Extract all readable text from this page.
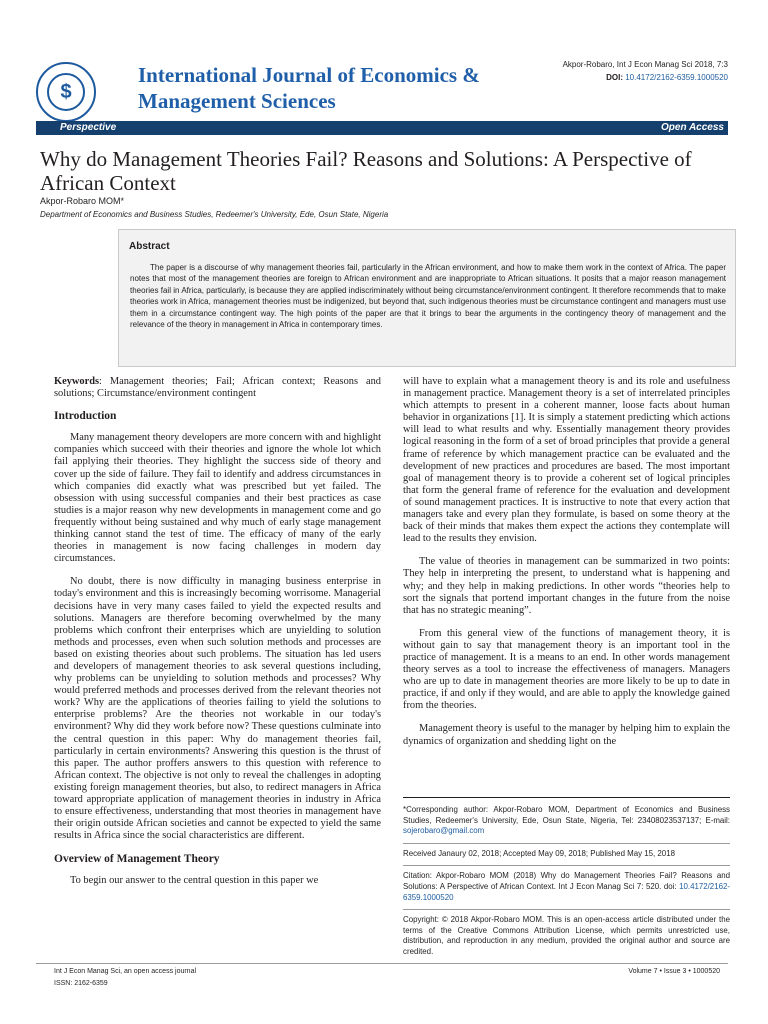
$
International Journal of Economics &
Management Sciences
Akpor-Robaro, Int J Econ Manag Sci 2018, 7:3
DOI: 10.4172/2162-6359.1000520
Perspective	Open Access
Why do Management Theories Fail? Reasons and Solutions: A Perspective of African Context
Akpor-Robaro MOM*
Department of Economics and Business Studies, Redeemer's University, Ede, Osun State, Nigeria
Abstract
The paper is a discourse of why management theories fail, particularly in the African environment, and how to make them work in the context of Africa. The paper notes that most of the management theories are foreign to African environment and are inappropriate to African situations. It posits that a major reason management theories fail in Africa, particularly, is because they are applied indiscriminately without being circumstance/environment contingent. It therefore recommends that to make theories work in Africa, management theories must be indigenized, but beyond that, such indigenous theories must be circumstance contingent and managers must use them in a circumstance contingent way. The high points of the paper are that it brings to bear the arguments in the contingency theory of management and the relevance of the theory in management in Africa in contemporary times.

Keywords: Management theories; Fail; African context; Reasons and solutions; Circumstance/environment contingent

Introduction

Many management theory developers are more concern with and highlight companies which succeed with their theories and ignore the whole lot which fail applying their theories. They highlight the success side of theory and cover up the side of failure. They fail to identify and address circumstances in which companies did exactly what was prescribed but yet failed. The obsession with using successful companies and their best practices as case studies is a major reason why new developments in management come and go frequently without being sustained and why much of early stage management thinking cannot stand the test of time. The efficacy of many of the early theories in management is now facing challenges in modern day circumstances.

No doubt, there is now difficulty in managing business enterprise in today's environment and this is increasingly becoming worrisome. Managerial decisions have in very many cases failed to yield the expected results and solutions. Managers are therefore becoming overwhelmed by the many problems which confront their enterprises which are unyielding to solution methods and processes, even when such solution methods and processes are based on existing theories about such problems. The situation has led users and developers of management theories to ask several questions including, why problems can be unyielding to solution methods and processes? Why would preferred methods and processes derived from the relevant theories not work? Why are the applications of theories failing to yield the solutions to enterprise problems? Are the theories not workable in our today's environment? Why did they work before now? These questions culminate into the central question in this paper: Why do management theories fail, particularly in certain environments? Answering this question is the thrust of this paper. The author proffers answers to this question with reference to African context. The objective is not only to reveal the challenges in adopting existing foreign management theories, but also, to redirect managers in Africa toward appropriate application of management theories in industry in Africa to ensure effectiveness, understanding that most theories in management have their origin outside African societies and cannot be expected to yield the same results in Africa since the social characteristics are different.

Overview of Management Theory

To begin our answer to the central question in this paper we

will have to explain what a management theory is and its role and usefulness in management practice. Management theory is a set of interrelated principles which attempts to present in a coherent manner, loose facts about human behavior in organizations [1]. It is simply a statement predicting which actions will lead to what results and why. Essentially management theory provides logical reasoning in the form of a set of broad principles that provide a general frame of reference by which management practice can be evaluated and the development of new practices and procedures are based. The most important goal of management theory is to provide a coherent set of logical principles that form the general frame of reference for the evaluation and development of sound management practices. It is instructive to note that every action that managers take and every plan they formulate, is based on some theory at the back of their minds that makes them expect the actions they contemplate will lead to the results they envision.

The value of theories in management can be summarized in two points: They help in interpreting the present, to understand what is happening and why; and they help in making predictions. In other words “theories help to sort the signals that portend important changes in the future from the noise that has no strategic meaning”.

From this general view of the functions of management theory, it is without gain to say that management theory is an important tool in the practice of management. It is a means to an end. In other words management theory serves as a tool to increase the effectiveness of managers. Managers who are up to date in management theories are more likely to be up to date in practice, if and only if they would, and are able to apply the knowledge gained from the theories.

Management theory is useful to the manager by helping him to explain the dynamics of organization and shedding light on the

*Corresponding author: Akpor-Robaro MOM, Department of Economics and Business Studies, Redeemer's University, Ede, Osun State, Nigeria, Tel: 23408023537137; E-mail: sojerobaro@gmail.com

Received Janaury 02, 2018; Accepted May 09, 2018; Published May 15, 2018

Citation: Akpor-Robaro MOM (2018) Why do Management Theories Fail? Reasons and Solutions: A Perspective of African Context. Int J Econ Manag Sci 7: 520. doi: 10.4172/2162-6359.1000520

Copyright: © 2018 Akpor-Robaro MOM. This is an open-access article distributed under the terms of the Creative Commons Attribution License, which permits unrestricted use, distribution, and reproduction in any medium, provided the original author and source are credited.

Int J Econ Manag Sci, an open access journal
ISSN: 2162-6359
Volume 7 • Issue 3 • 1000520
